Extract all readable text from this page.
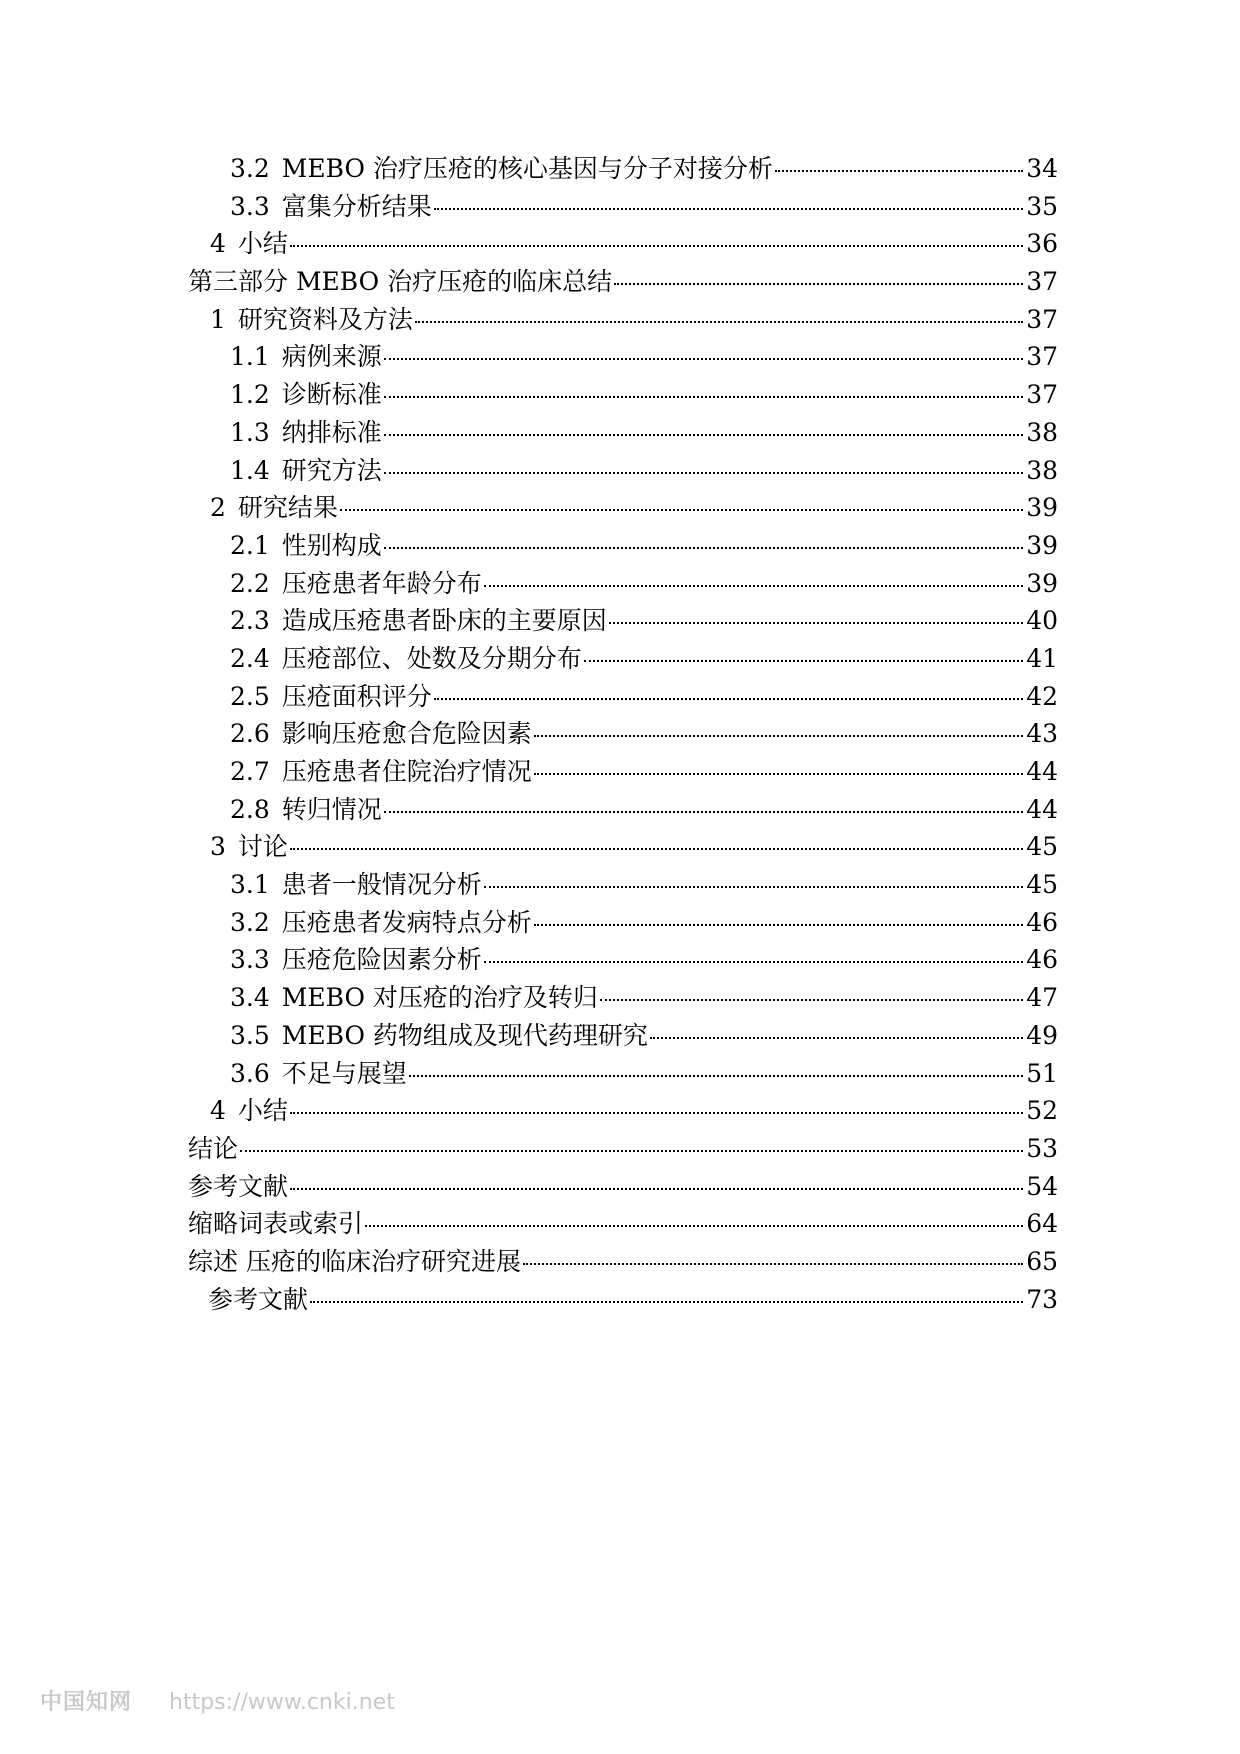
3.2 MEBO 治疗压疮的核心基因与分子对接分析	34
3.3 富集分析结果	35
4 小结	36
第三部分 MEBO 治疗压疮的临床总结	37
1 研究资料及方法	37
1.1 病例来源	37
1.2 诊断标准	37
1.3 纳排标准	38
1.4 研究方法	38
2 研究结果	39
2.1 性别构成	39
2.2 压疮患者年龄分布	39
2.3 造成压疮患者卧床的主要原因	40
2.4 压疮部位、处数及分期分布	41
2.5 压疮面积评分	42
2.6 影响压疮愈合危险因素	43
2.7 压疮患者住院治疗情况	44
2.8 转归情况	44
3 讨论	45
3.1 患者一般情况分析	45
3.2 压疮患者发病特点分析	46
3.3 压疮危险因素分析	46
3.4 MEBO 对压疮的治疗及转归	47
3.5 MEBO 药物组成及现代药理研究	49
3.6 不足与展望	51
4 小结	52
结论	53
参考文献	54
缩略词表或索引	64
综述 压疮的临床治疗研究进展	65
参考文献	73
中国知网 https://www.cnki.net
